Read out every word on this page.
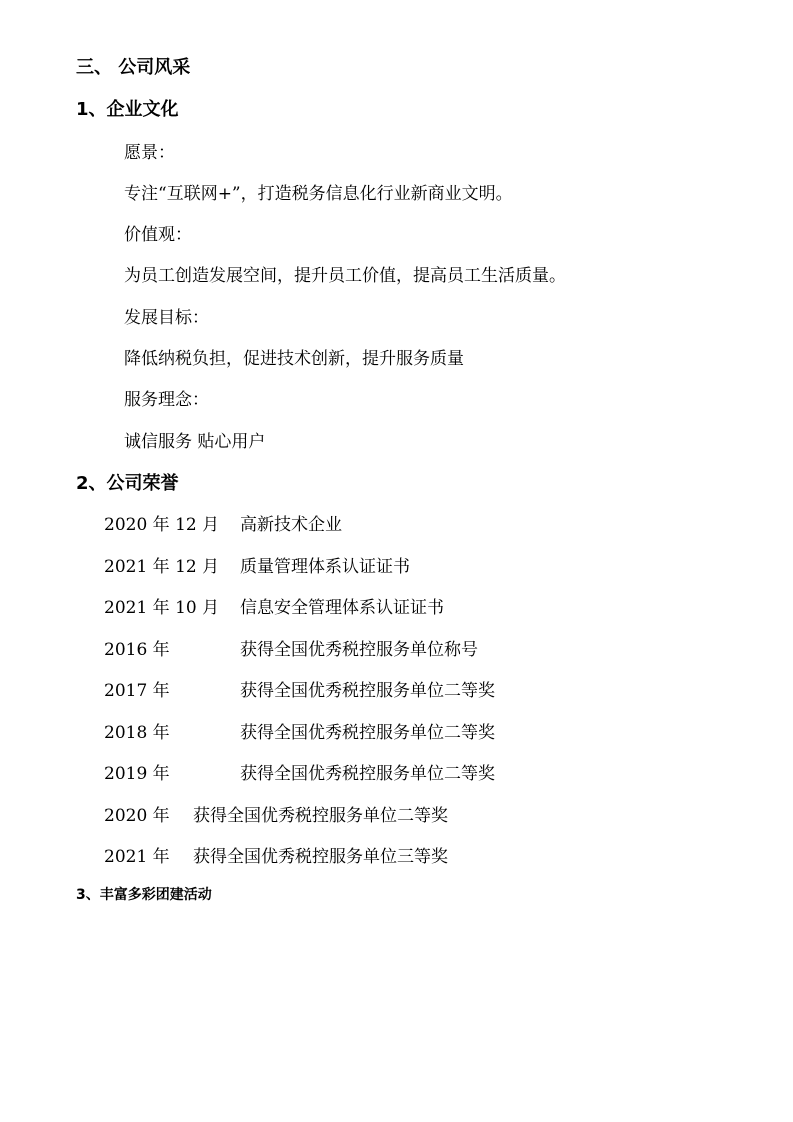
三、 公司风采
1、企业文化
愿景：
专注“互联网+”，打造税务信息化行业新商业文明。
价值观：
为员工创造发展空间，提升员工价值，提高员工生活质量。
发展目标：
降低纳税负担，促进技术创新，提升服务质量
服务理念：
诚信服务 贴心用户
2、公司荣誉
2020 年 12 月 高新技术企业
2021 年 12 月 质量管理体系认证证书
2021 年 10 月 信息安全管理体系认证证书
2016 年	获得全国优秀税控服务单位称号
2017 年	获得全国优秀税控服务单位二等奖
2018 年	获得全国优秀税控服务单位二等奖
2019 年	获得全国优秀税控服务单位二等奖
2020 年 获得全国优秀税控服务单位二等奖
2021 年 获得全国优秀税控服务单位三等奖
3、丰富多彩团建活动
